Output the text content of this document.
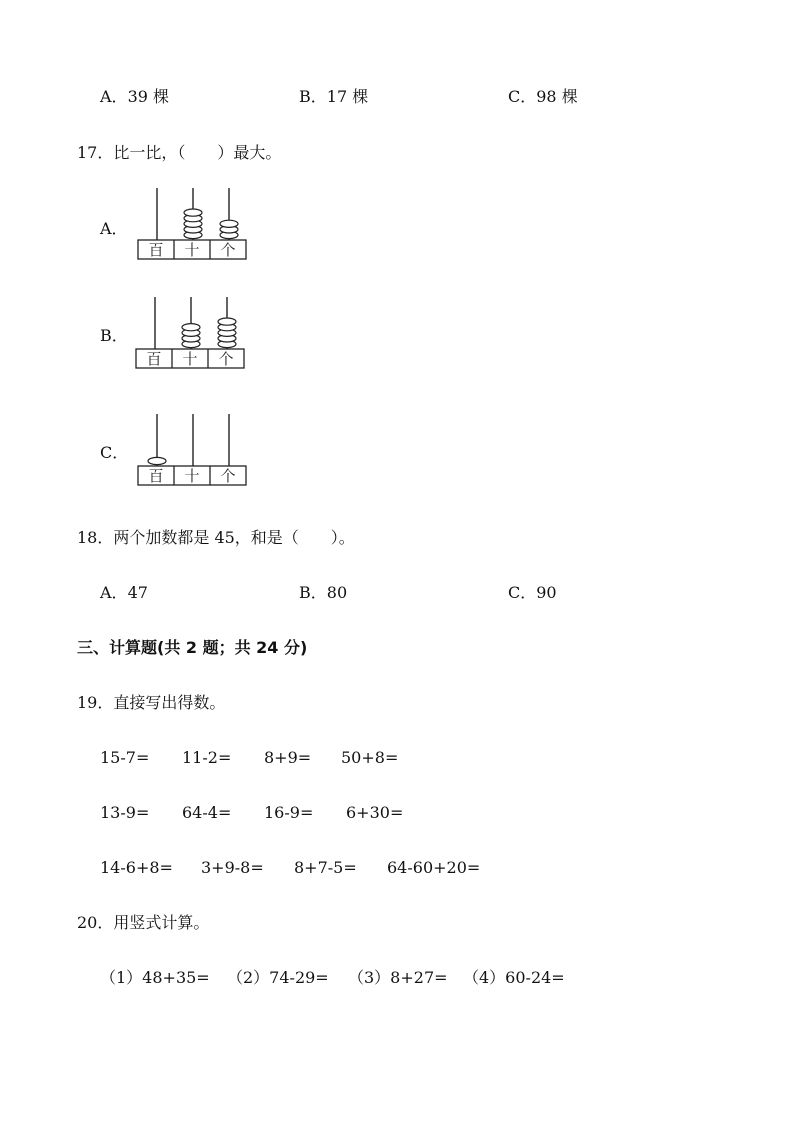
A．39 棵	B．17 棵	C．98 棵
17．比一比，（　　）最大。
A．
百 十 个
B．
百 十 个
C．
百 十 个
18．两个加数都是 45，和是（　　）。
A．47	B．80	C．90
三、计算题(共 2 题；共 24 分)
19．直接写出得数。
15-7= 11-2= 8+9= 50+8=
13-9= 64-4= 16-9= 6+30=
14-6+8= 3+9-8= 8+7-5= 64-60+20=
20．用竖式计算。
（1）48+35= （2）74-29= （3）8+27= （4）60-24=
